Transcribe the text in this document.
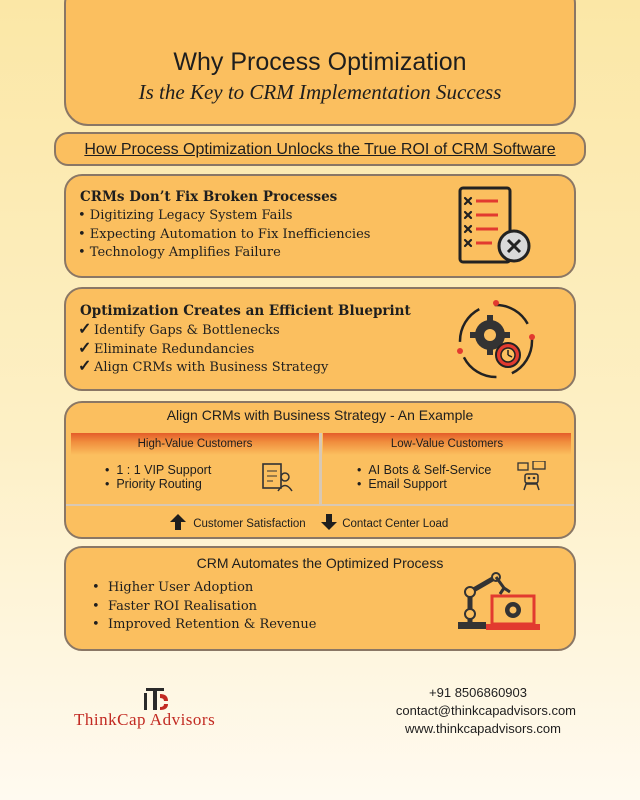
Why Process Optimization
Is the Key to CRM Implementation Success
How Process Optimization Unlocks the True ROI of CRM Software
CRMs Don’t Fix Broken Processes
• Digitizing Legacy System Fails
• Expecting Automation to Fix Inefficiencies
• Technology Amplifies Failure
Optimization Creates an Efficient Blueprint
✓ Identify Gaps & Bottlenecks
✓ Eliminate Redundancies
✓ Align CRMs with Business Strategy
Align CRMs with Business Strategy - An Example
High-Value Customers
•  1 : 1 VIP Support
•  Priority Routing
Low-Value Customers
•  AI Bots & Self-Service
•  Email Support
Customer Satisfaction	Contact Center Load
CRM Automates the Optimized Process
•  Higher User Adoption
•  Faster ROI Realisation
•  Improved Retention & Revenue
ThinkCap Advisors
+91 8506860903
contact@thinkcapadvisors.com
www.thinkcapadvisors.com
